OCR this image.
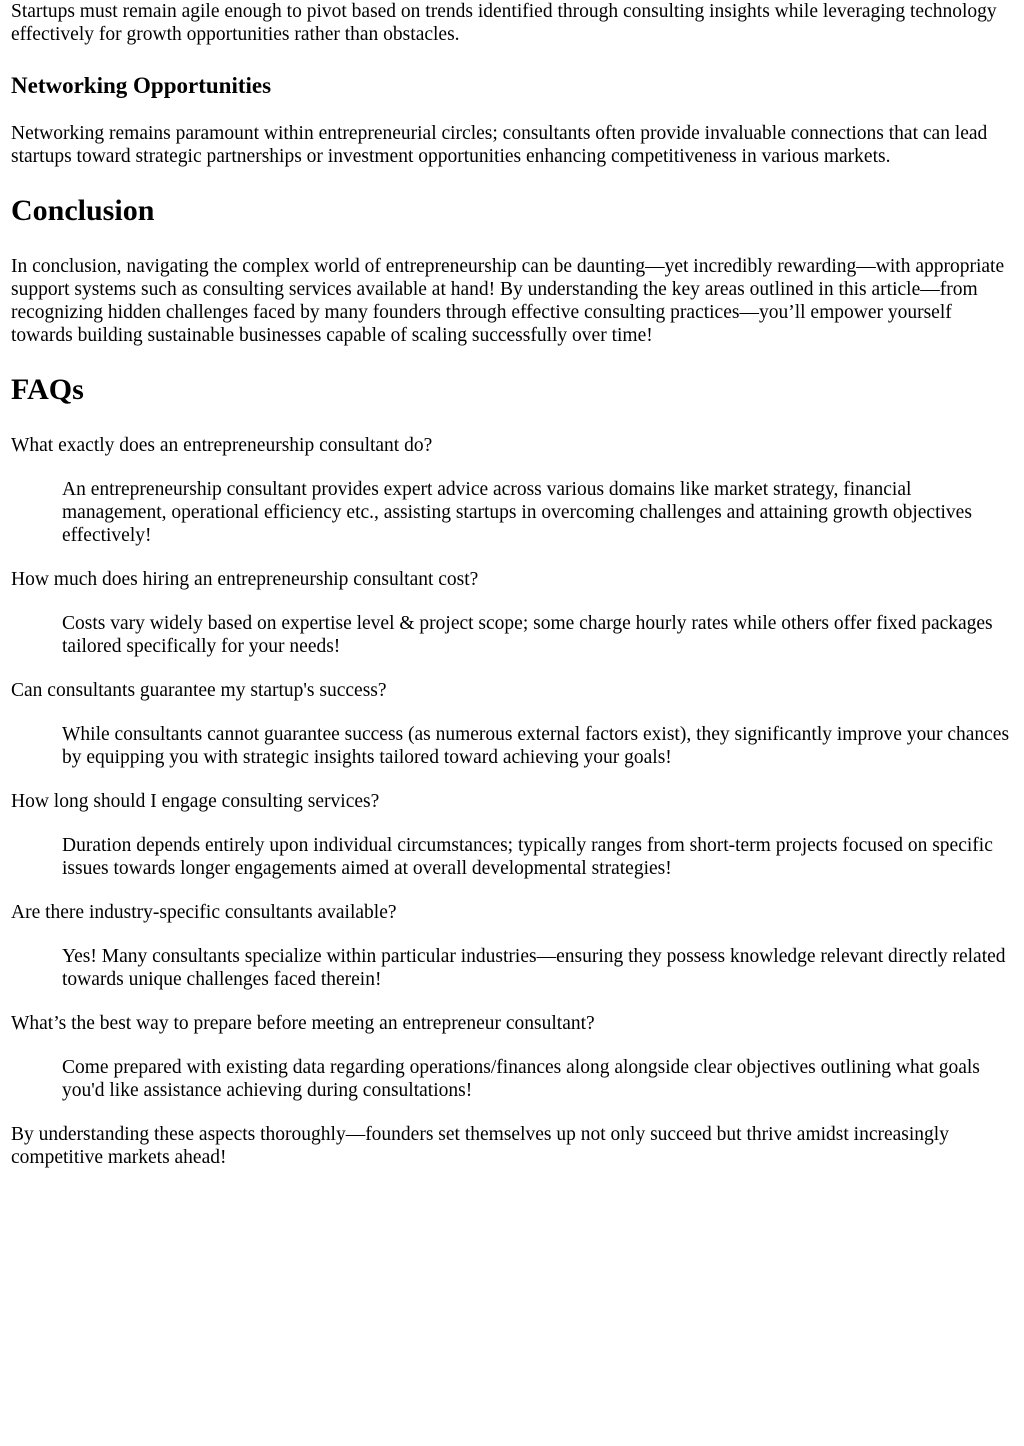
Startups must remain agile enough to pivot based on trends identified through consulting insights while leveraging technology effectively for growth opportunities rather than obstacles.

Networking Opportunities

Networking remains paramount within entrepreneurial circles; consultants often provide invaluable connections that can lead startups toward strategic partnerships or investment opportunities enhancing competitiveness in various markets.

Conclusion

In conclusion, navigating the complex world of entrepreneurship can be daunting—yet incredibly rewarding—with appropriate support systems such as consulting services available at hand! By understanding the key areas outlined in this article—from recognizing hidden challenges faced by many founders through effective consulting practices—you’ll empower yourself towards building sustainable businesses capable of scaling successfully over time!

FAQs
What exactly does an entrepreneurship consultant do?
An entrepreneurship consultant provides expert advice across various domains like market strategy, financial management, operational efficiency etc., assisting startups in overcoming challenges and attaining growth objectives effectively!
How much does hiring an entrepreneurship consultant cost?
Costs vary widely based on expertise level & project scope; some charge hourly rates while others offer fixed packages tailored specifically for your needs!
Can consultants guarantee my startup's success?
While consultants cannot guarantee success (as numerous external factors exist), they significantly improve your chances by equipping you with strategic insights tailored toward achieving your goals!
How long should I engage consulting services?
Duration depends entirely upon individual circumstances; typically ranges from short-term projects focused on specific issues towards longer engagements aimed at overall developmental strategies!
Are there industry-specific consultants available?
Yes! Many consultants specialize within particular industries—ensuring they possess knowledge relevant directly related towards unique challenges faced therein!
What’s the best way to prepare before meeting an entrepreneur consultant?
Come prepared with existing data regarding operations/finances along alongside clear objectives outlining what goals you'd like assistance achieving during consultations!

By understanding these aspects thoroughly—founders set themselves up not only succeed but thrive amidst increasingly competitive markets ahead!
